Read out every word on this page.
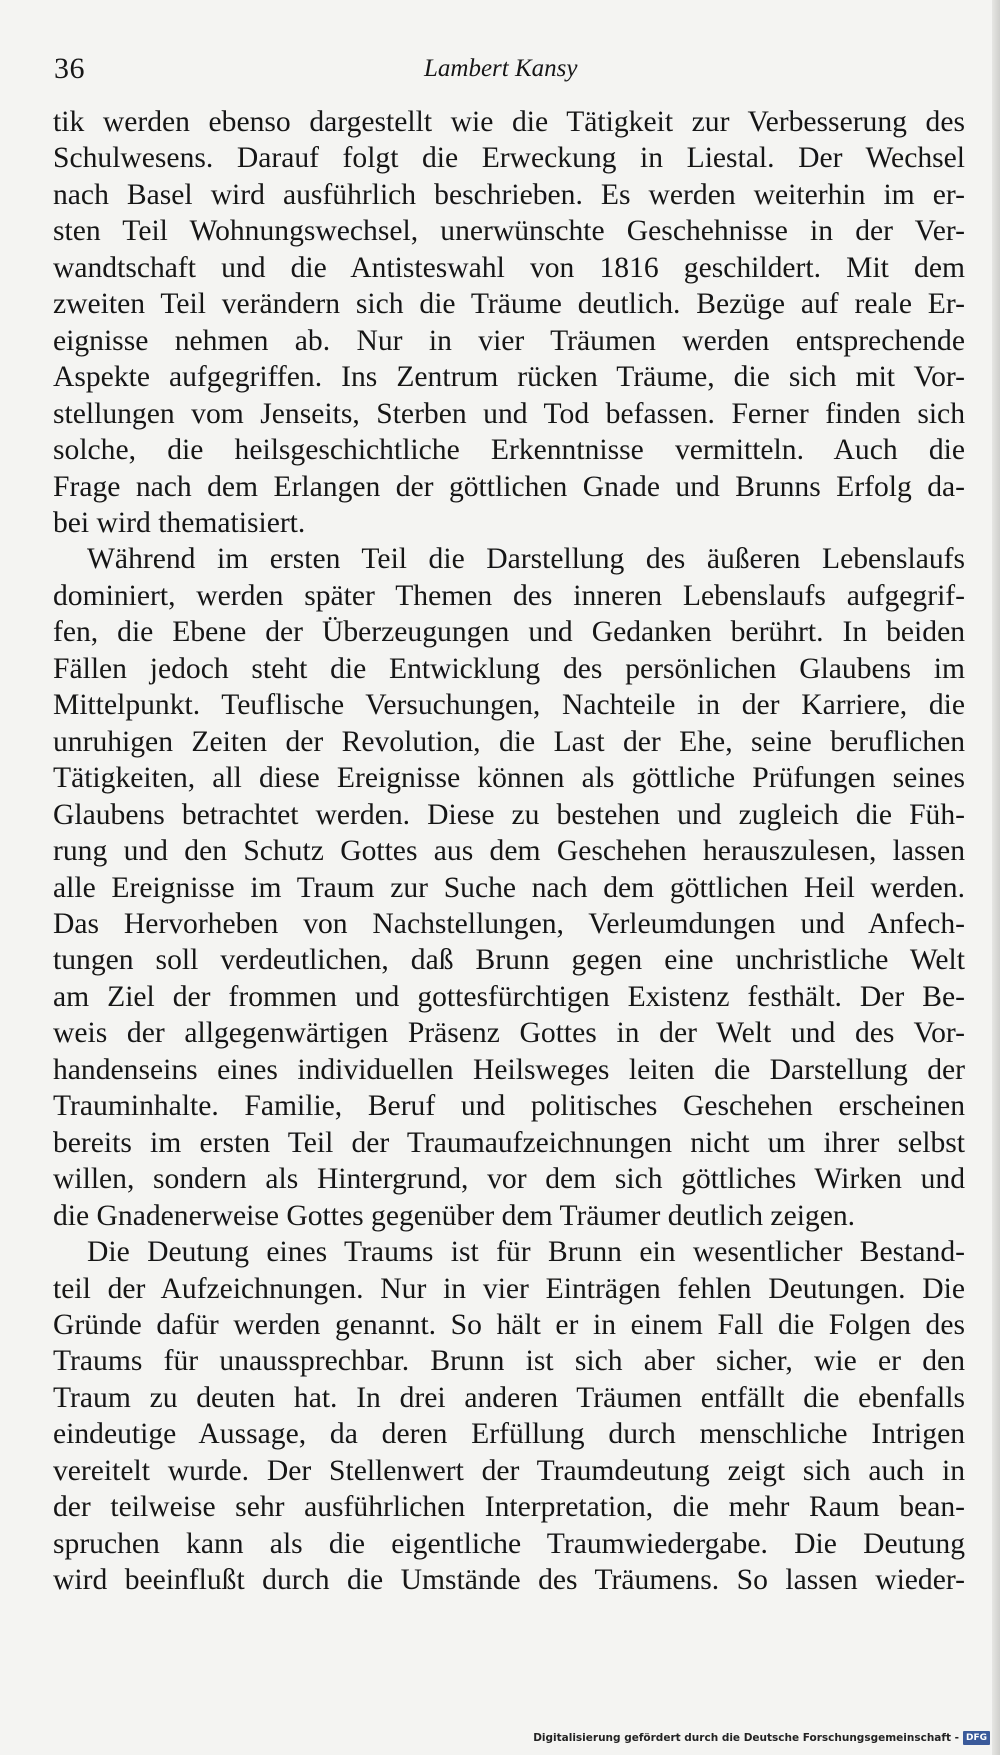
36	Lambert Kansy
tik werden ebenso dargestellt wie die Tätigkeit zur Verbesserung des
Schulwesens. Darauf folgt die Erweckung in Liestal. Der Wechsel
nach Basel wird ausführlich beschrieben. Es werden weiterhin im er-
sten Teil Wohnungswechsel, unerwünschte Geschehnisse in der Ver-
wandtschaft und die Antisteswahl von 1816 geschildert. Mit dem
zweiten Teil verändern sich die Träume deutlich. Bezüge auf reale Er-
eignisse nehmen ab. Nur in vier Träumen werden entsprechende
Aspekte aufgegriffen. Ins Zentrum rücken Träume, die sich mit Vor-
stellungen vom Jenseits, Sterben und Tod befassen. Ferner finden sich
solche, die heilsgeschichtliche Erkenntnisse vermitteln. Auch die
Frage nach dem Erlangen der göttlichen Gnade und Brunns Erfolg da-
bei wird thematisiert.
Während im ersten Teil die Darstellung des äußeren Lebenslaufs
dominiert, werden später Themen des inneren Lebenslaufs aufgegrif-
fen, die Ebene der Überzeugungen und Gedanken berührt. In beiden
Fällen jedoch steht die Entwicklung des persönlichen Glaubens im
Mittelpunkt. Teuflische Versuchungen, Nachteile in der Karriere, die
unruhigen Zeiten der Revolution, die Last der Ehe, seine beruflichen
Tätigkeiten, all diese Ereignisse können als göttliche Prüfungen seines
Glaubens betrachtet werden. Diese zu bestehen und zugleich die Füh-
rung und den Schutz Gottes aus dem Geschehen herauszulesen, lassen
alle Ereignisse im Traum zur Suche nach dem göttlichen Heil werden.
Das Hervorheben von Nachstellungen, Verleumdungen und Anfech-
tungen soll verdeutlichen, daß Brunn gegen eine unchristliche Welt
am Ziel der frommen und gottesfürchtigen Existenz festhält. Der Be-
weis der allgegenwärtigen Präsenz Gottes in der Welt und des Vor-
handenseins eines individuellen Heilsweges leiten die Darstellung der
Trauminhalte. Familie, Beruf und politisches Geschehen erscheinen
bereits im ersten Teil der Traumaufzeichnungen nicht um ihrer selbst
willen, sondern als Hintergrund, vor dem sich göttliches Wirken und
die Gnadenerweise Gottes gegenüber dem Träumer deutlich zeigen.
Die Deutung eines Traums ist für Brunn ein wesentlicher Bestand-
teil der Aufzeichnungen. Nur in vier Einträgen fehlen Deutungen. Die
Gründe dafür werden genannt. So hält er in einem Fall die Folgen des
Traums für unaussprechbar. Brunn ist sich aber sicher, wie er den
Traum zu deuten hat. In drei anderen Träumen entfällt die ebenfalls
eindeutige Aussage, da deren Erfüllung durch menschliche Intrigen
vereitelt wurde. Der Stellenwert der Traumdeutung zeigt sich auch in
der teilweise sehr ausführlichen Interpretation, die mehr Raum bean-
spruchen kann als die eigentliche Traumwiedergabe. Die Deutung
wird beeinflußt durch die Umstände des Träumens. So lassen wieder-
Digitalisierung gefördert durch die Deutsche Forschungsgemeinschaft - DFG
